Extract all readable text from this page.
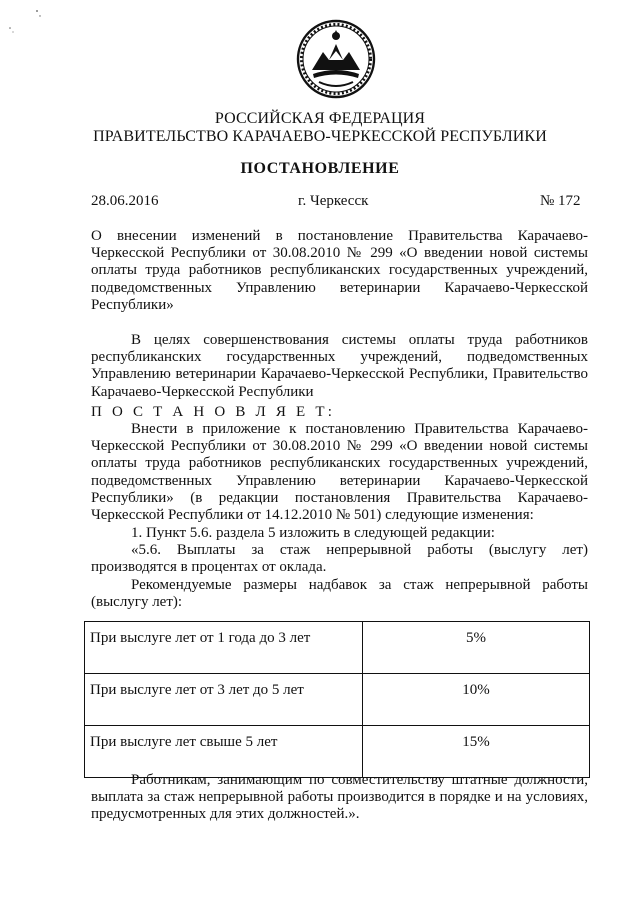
РОССИЙСКАЯ ФЕДЕРАЦИЯ
ПРАВИТЕЛЬСТВО КАРАЧАЕВО-ЧЕРКЕССКОЙ РЕСПУБЛИКИ
ПОСТАНОВЛЕНИЕ
28.06.2016	г. Черкесск	№ 172
О внесении изменений в постановление Правительства Карачаево-Черкесской Республики от 30.08.2010 № 299 «О введении новой системы оплаты труда работников республиканских государственных учреждений, подведомственных Управлению ветеринарии Карачаево-Черкесской Республики»
В целях совершенствования системы оплаты труда работников республиканских государственных учреждений, подведомственных Управлению ветеринарии Карачаево-Черкесской Республики, Правительство Карачаево-Черкесской Республики
П О С Т А Н О В Л Я Е Т:
Внести в приложение к постановлению Правительства Карачаево-Черкесской Республики от 30.08.2010 № 299 «О введении новой системы оплаты труда работников республиканских государственных учреждений, подведомственных Управлению ветеринарии Карачаево-Черкесской Республики» (в редакции постановления Правительства Карачаево-Черкесской Республики от 14.12.2010 № 501) следующие изменения:
1. Пункт 5.6. раздела 5 изложить в следующей редакции:
«5.6. Выплаты за стаж непрерывной работы (выслугу лет) производятся в процентах от оклада.
Рекомендуемые размеры надбавок за стаж непрерывной работы (выслугу лет):
При выслуге лет от 1 года до 3 лет	5%
При выслуге лет от 3 лет до 5 лет	10%
При выслуге лет свыше 5 лет	15%
Работникам, занимающим по совместительству штатные должности, выплата за стаж непрерывной работы производится в порядке и на условиях, предусмотренных для этих должностей.».
